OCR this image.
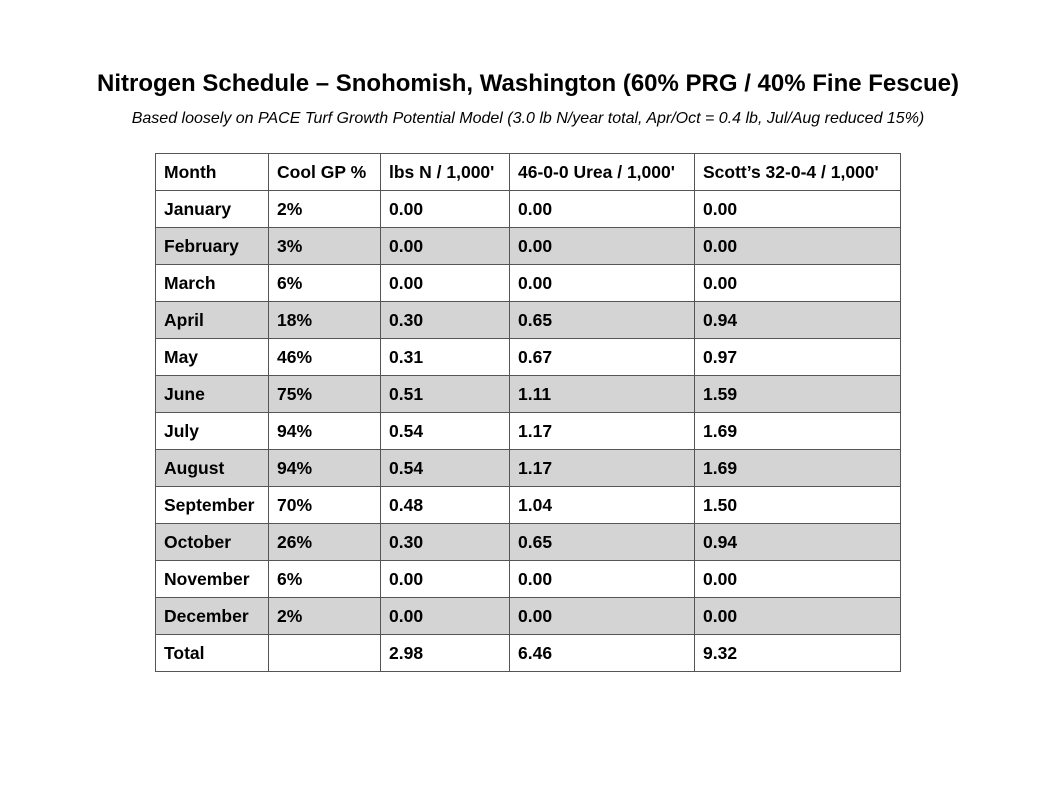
Nitrogen Schedule – Snohomish, Washington (60% PRG / 40% Fine Fescue)

Based loosely on PACE Turf Growth Potential Model (3.0 lb N/year total, Apr/Oct = 0.4 lb, Jul/Aug reduced 15%)

Month	Cool GP %	lbs N / 1,000'	46-0-0 Urea / 1,000'	Scott’s 32-0-4 / 1,000'
January	2%	0.00	0.00	0.00
February	3%	0.00	0.00	0.00
March	6%	0.00	0.00	0.00
April	18%	0.30	0.65	0.94
May	46%	0.31	0.67	0.97
June	75%	0.51	1.11	1.59
July	94%	0.54	1.17	1.69
August	94%	0.54	1.17	1.69
September	70%	0.48	1.04	1.50
October	26%	0.30	0.65	0.94
November	6%	0.00	0.00	0.00
December	2%	0.00	0.00	0.00
Total		2.98	6.46	9.32
